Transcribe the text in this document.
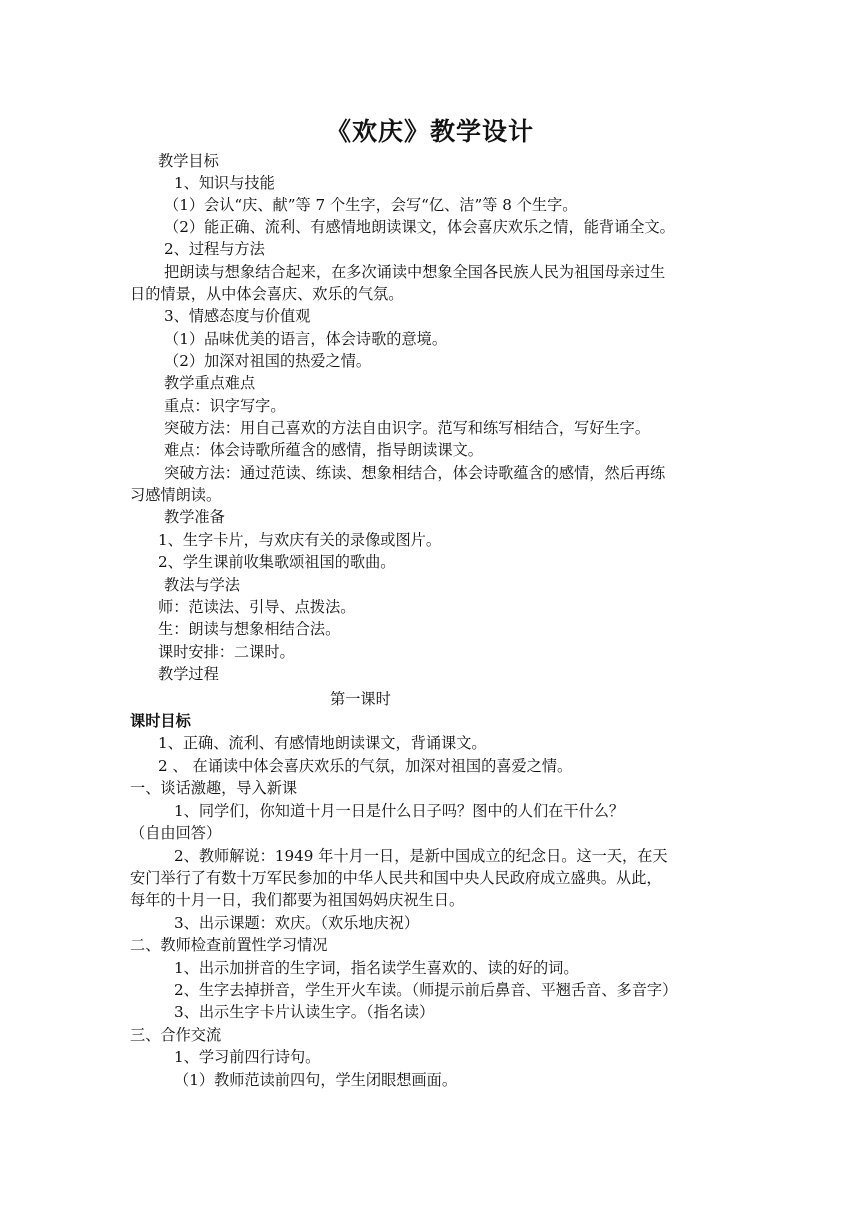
《欢庆》教学设计
教学目标
1、知识与技能
（1）会认“庆、献”等 7 个生字，会写“亿、洁”等 8 个生字。
（2）能正确、流利、有感情地朗读课文，体会喜庆欢乐之情，能背诵全文。
2、过程与方法
把朗读与想象结合起来，在多次诵读中想象全国各民族人民为祖国母亲过生
日的情景，从中体会喜庆、欢乐的气氛。
3、情感态度与价值观
（1）品味优美的语言，体会诗歌的意境。
（2）加深对祖国的热爱之情。
教学重点难点
重点：识字写字。
突破方法：用自己喜欢的方法自由识字。范写和练写相结合，写好生字。
难点：体会诗歌所蕴含的感情，指导朗读课文。
突破方法：通过范读、练读、想象相结合，体会诗歌蕴含的感情，然后再练
习感情朗读。
教学准备
1、生字卡片，与欢庆有关的录像或图片。
2、学生课前收集歌颂祖国的歌曲。
教法与学法
师：范读法、引导、点拨法。
生：朗读与想象相结合法。
课时安排：二课时。
教学过程
第一课时
课时目标
1、正确、流利、有感情地朗读课文，背诵课文。
2 、 在诵读中体会喜庆欢乐的气氛，加深对祖国的喜爱之情。
一、谈话激趣，导入新课
1、同学们，你知道十月一日是什么日子吗？图中的人们在干什么？
（自由回答）
2、教师解说：1949 年十月一日，是新中国成立的纪念日。这一天，在天
安门举行了有数十万军民参加的中华人民共和国中央人民政府成立盛典。从此，
每年的十月一日，我们都要为祖国妈妈庆祝生日。
3、出示课题：欢庆。（欢乐地庆祝）
二、教师检查前置性学习情况
1、出示加拼音的生字词，指名读学生喜欢的、读的好的词。
2、生字去掉拼音，学生开火车读。（师提示前后鼻音、平翘舌音、多音字）
3、出示生字卡片认读生字。（指名读）
三、合作交流
1、学习前四行诗句。
（1）教师范读前四句，学生闭眼想画面。
